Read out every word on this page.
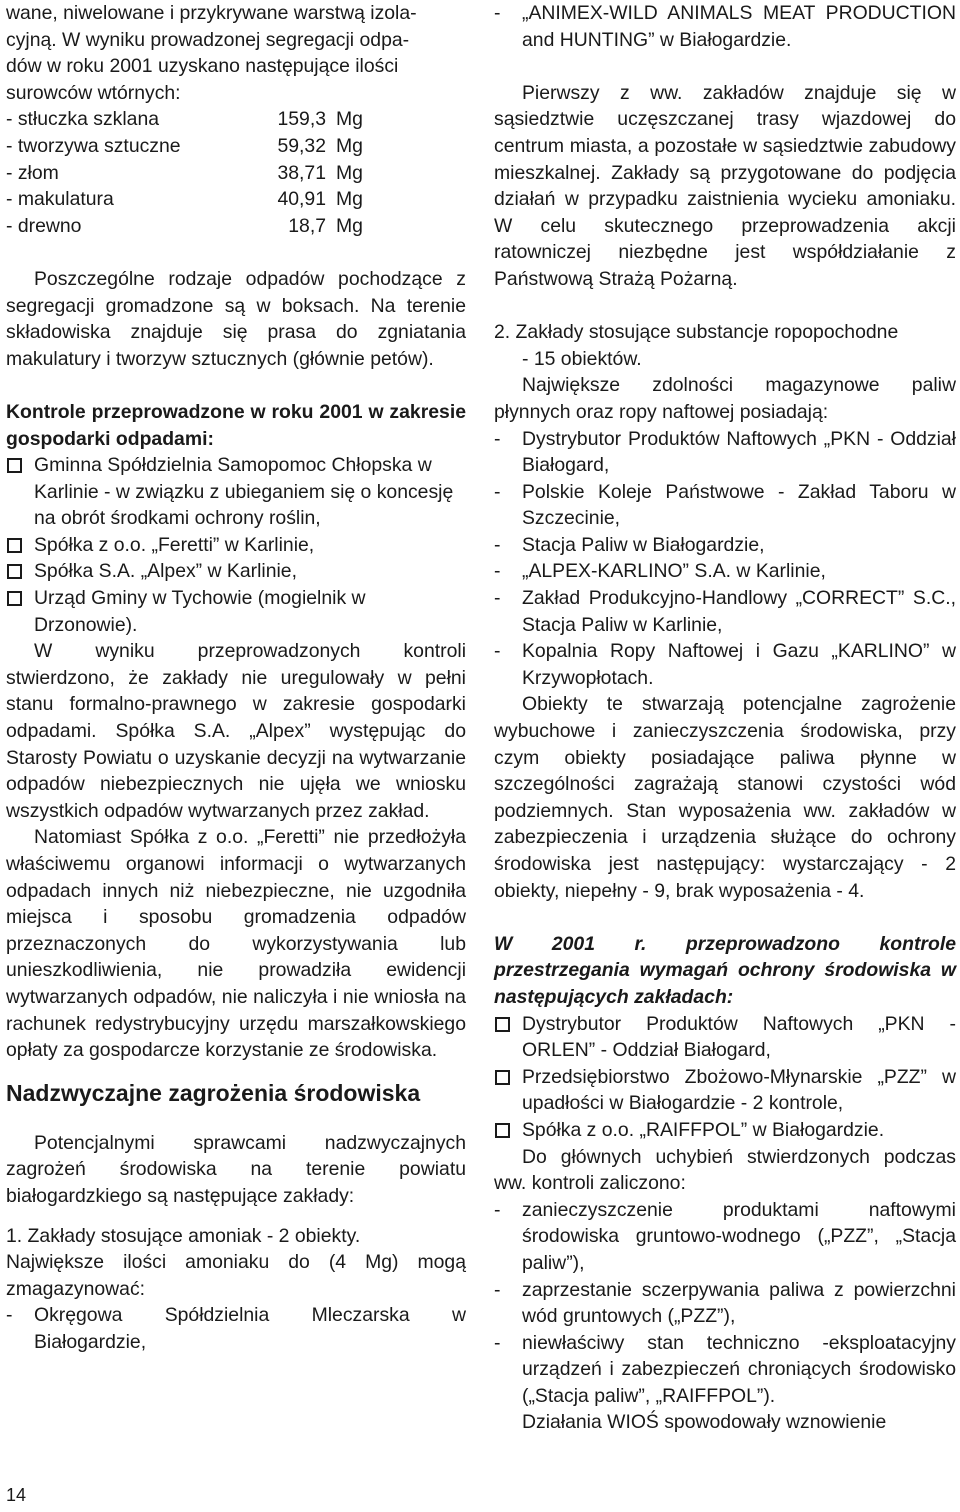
wane, niwelowane i przykrywane warstwą izola-

cyjną. W wyniku prowadzonej segregacji odpa-

dów w roku 2001 uzyskano następujące ilości

surowców wtórnych:

- stłuczka szklana	159,3	Mg
- tworzywa sztuczne	59,32	Mg
- złom	38,71	Mg
- makulatura	40,91	Mg
- drewno	18,7	Mg

Poszczególne rodzaje odpadów pochodzące z segregacji gromadzone są w boksach. Na terenie składowiska znajduje się prasa do zgniatania makulatury i tworzyw sztucznych (głównie petów).

Kontrole przeprowadzone w roku 2001 w zakresie gospodarki odpadami:

Gminna Spółdzielnia Samopomoc Chłopska w Karlinie - w związku z ubieganiem się o koncesję na obrót środkami ochrony roślin,
Spółka z o.o. „Feretti” w Karlinie,
Spółka S.A. „Alpex” w Karlinie,
Urząd Gminy w Tychowie (mogielnik w Drzonowie).

W wyniku przeprowadzonych kontroli stwierdzono, że zakłady nie uregulowały w pełni stanu formalno-prawnego w zakresie gospodarki odpadami. Spółka S.A. „Alpex” występując do Starosty Powiatu o uzyskanie decyzji na wytwarzanie odpadów niebezpiecznych nie ujęła we wniosku wszystkich odpadów wytwarzanych przez zakład.

Natomiast Spółka z o.o. „Feretti” nie przedłożyła właściwemu organowi informacji o wytwarzanych odpadach innych niż niebezpieczne, nie uzgodniła miejsca i sposobu gromadzenia odpadów przeznaczonych do wykorzystywania lub unieszkodliwienia, nie prowadziła ewidencji wytwarzanych odpadów, nie naliczyła i nie wniosła na rachunek redystrybucyjny urzędu marszałkowskiego opłaty za gospodarcze korzystanie ze środowiska.

Nadzwyczajne zagrożenia środowiska

Potencjalnymi sprawcami nadzwyczajnych zagrożeń środowiska na terenie powiatu białogardzkiego są następujące zakłady:

1. Zakłady stosujące amoniak - 2 obiekty.

Największe ilości amoniaku do (4 Mg) mogą zmagazynować:

- Okręgowa Spółdzielnia Mleczarska w Białogardzie,
14
- „ANIMEX-WILD ANIMALS MEAT PRODUCTION and HUNTING” w Białogardzie.

Pierwszy z ww. zakładów znajduje się w sąsiedztwie uczęszczanej trasy wjazdowej do centrum miasta, a pozostałe w sąsiedztwie zabudowy mieszkalnej. Zakłady są przygotowane do podjęcia działań w przypadku zaistnienia wycieku amoniaku. W celu skutecznego przeprowadzenia akcji ratowniczej niezbędne jest współdziałanie z Państwową Strażą Pożarną.

2. Zakłady stosujące substancje ropopochodne

- 15 obiektów.

Największe zdolności magazynowe paliw płynnych oraz ropy naftowej posiadają:

- Dystrybutor Produktów Naftowych „PKN - Oddział Białogard,
- Polskie Koleje Państwowe - Zakład Taboru w Szczecinie,
- Stacja Paliw w Białogardzie,
- „ALPEX-KARLINO” S.A. w Karlinie,
- Zakład Produkcyjno-Handlowy „CORRECT” S.C., Stacja Paliw w Karlinie,
- Kopalnia Ropy Naftowej i Gazu „KARLINO” w Krzywopłotach.

Obiekty te stwarzają potencjalne zagrożenie wybuchowe i zanieczyszczenia środowiska, przy czym obiekty posiadające paliwa płynne w szczególności zagrażają stanowi czystości wód podziemnych. Stan wyposażenia ww. zakładów w zabezpieczenia i urządzenia służące do ochrony środowiska jest następujący: wystarczający - 2 obiekty, niepełny - 9, brak wyposażenia - 4.

W 2001 r. przeprowadzono kontrole przestrzegania wymagań ochrony środowiska w następujących zakładach:

Dystrybutor Produktów Naftowych „PKN - ORLEN” - Oddział Białogard,
Przedsiębiorstwo Zbożowo-Młynarskie „PZZ” w upadłości w Białogardzie - 2 kontrole,
Spółka z o.o. „RAIFFPOL” w Białogardzie.

Do głównych uchybień stwierdzonych podczas ww. kontroli zaliczono:

- zanieczyszczenie produktami naftowymi środowiska gruntowo-wodnego („PZZ”, „Stacja paliw”),
- zaprzestanie sczerpywania paliwa z powierzchni wód gruntowych („PZZ”),
- niewłaściwy stan techniczno -eksploatacyjny urządzeń i zabezpieczeń chroniących środowisko („Stacja paliw”, „RAIFFPOL”).

Działania WIOŚ spowodowały wznowienie
